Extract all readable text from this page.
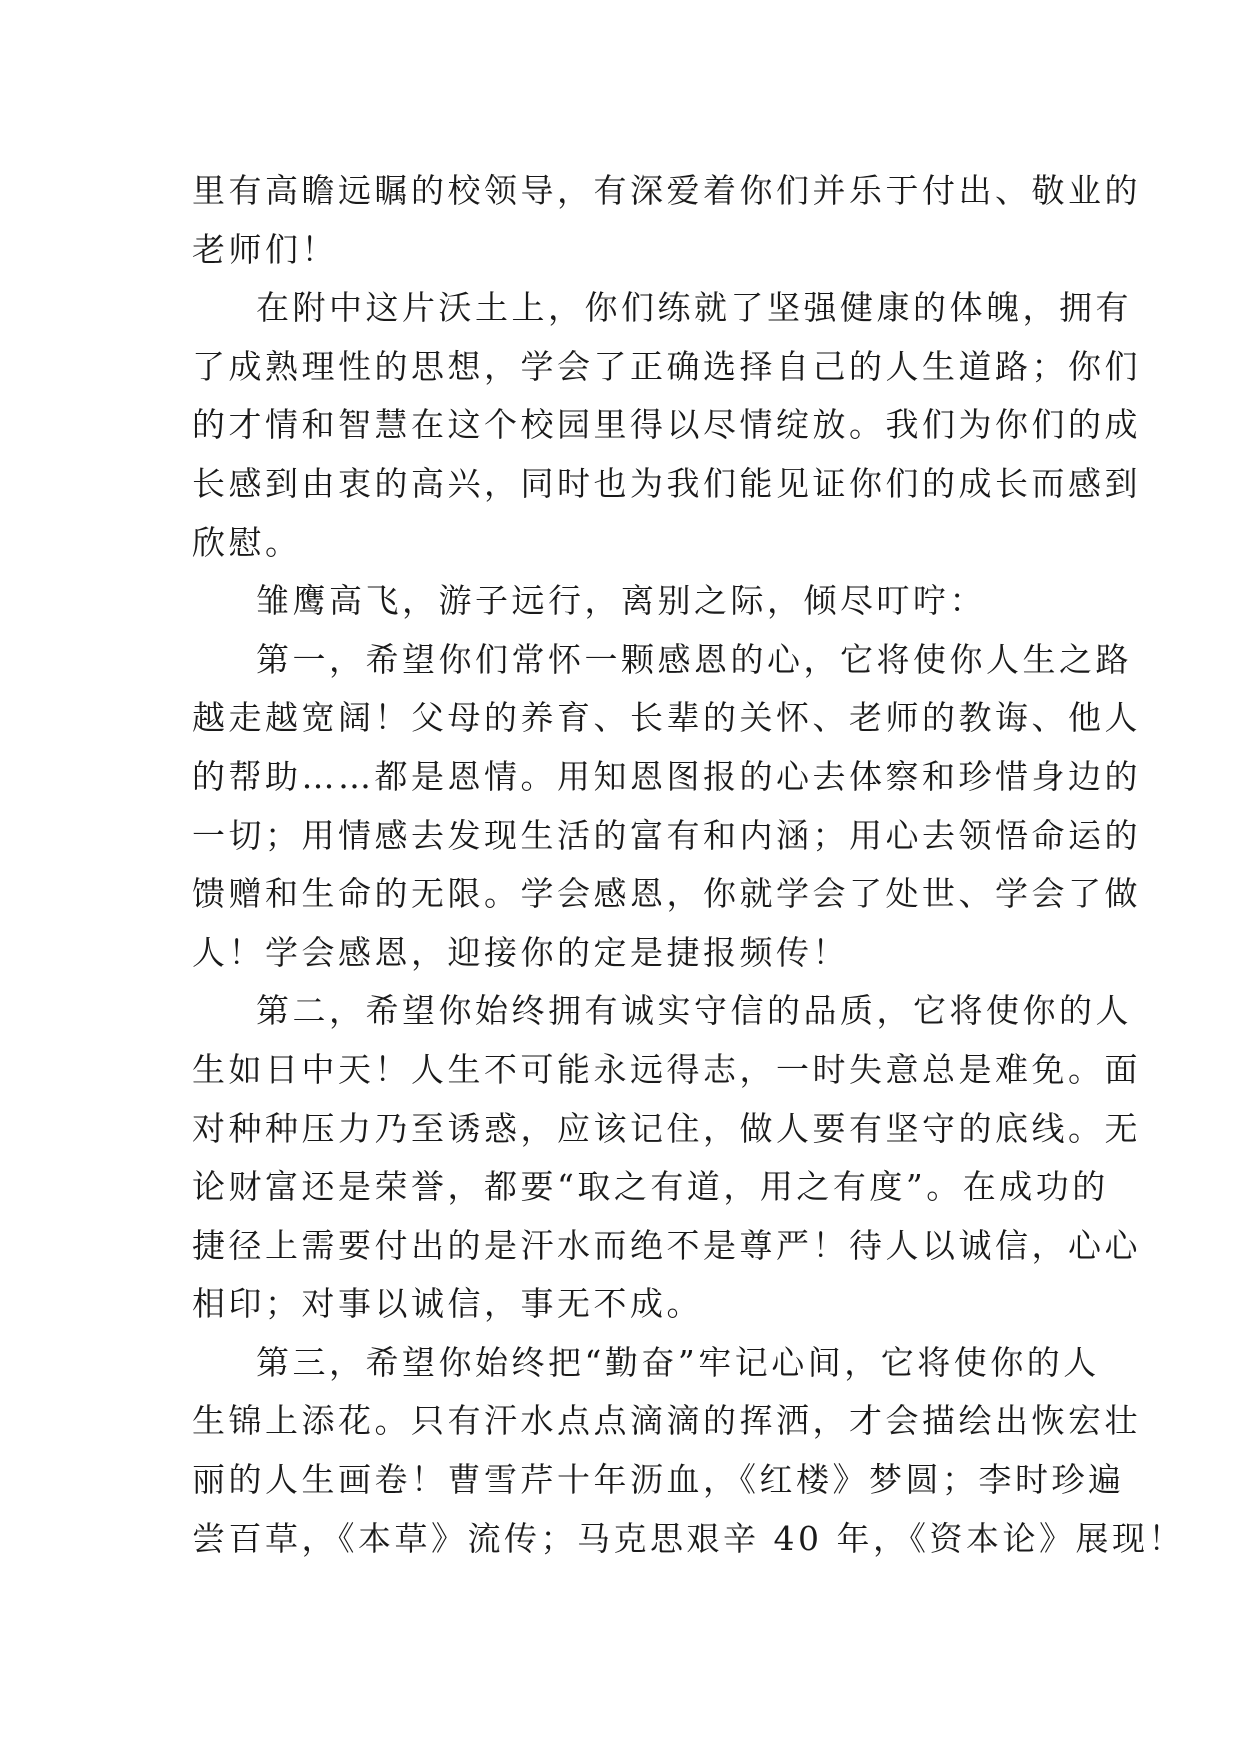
里有高瞻远瞩的校领导，有深爱着你们并乐于付出、敬业的
老师们！
在附中这片沃土上，你们练就了坚强健康的体魄，拥有
了成熟理性的思想，学会了正确选择自己的人生道路；你们
的才情和智慧在这个校园里得以尽情绽放。我们为你们的成
长感到由衷的高兴，同时也为我们能见证你们的成长而感到
欣慰。
雏鹰高飞，游子远行，离别之际，倾尽叮咛：
第一，希望你们常怀一颗感恩的心，它将使你人生之路
越走越宽阔！父母的养育、长辈的关怀、老师的教诲、他人
的帮助……都是恩情。用知恩图报的心去体察和珍惜身边的
一切；用情感去发现生活的富有和内涵；用心去领悟命运的
馈赠和生命的无限。学会感恩，你就学会了处世、学会了做
人！学会感恩，迎接你的定是捷报频传！
第二，希望你始终拥有诚实守信的品质，它将使你的人
生如日中天！人生不可能永远得志，一时失意总是难免。面
对种种压力乃至诱惑，应该记住，做人要有坚守的底线。无
论财富还是荣誉，都要“取之有道，用之有度”。在成功的
捷径上需要付出的是汗水而绝不是尊严！待人以诚信，心心
相印；对事以诚信，事无不成。
第三，希望你始终把“勤奋”牢记心间，它将使你的人
生锦上添花。只有汗水点点滴滴的挥洒，才会描绘出恢宏壮
丽的人生画卷！曹雪芹十年沥血，《红楼》梦圆；李时珍遍
尝百草，《本草》流传；马克思艰辛 40 年，《资本论》展现！
